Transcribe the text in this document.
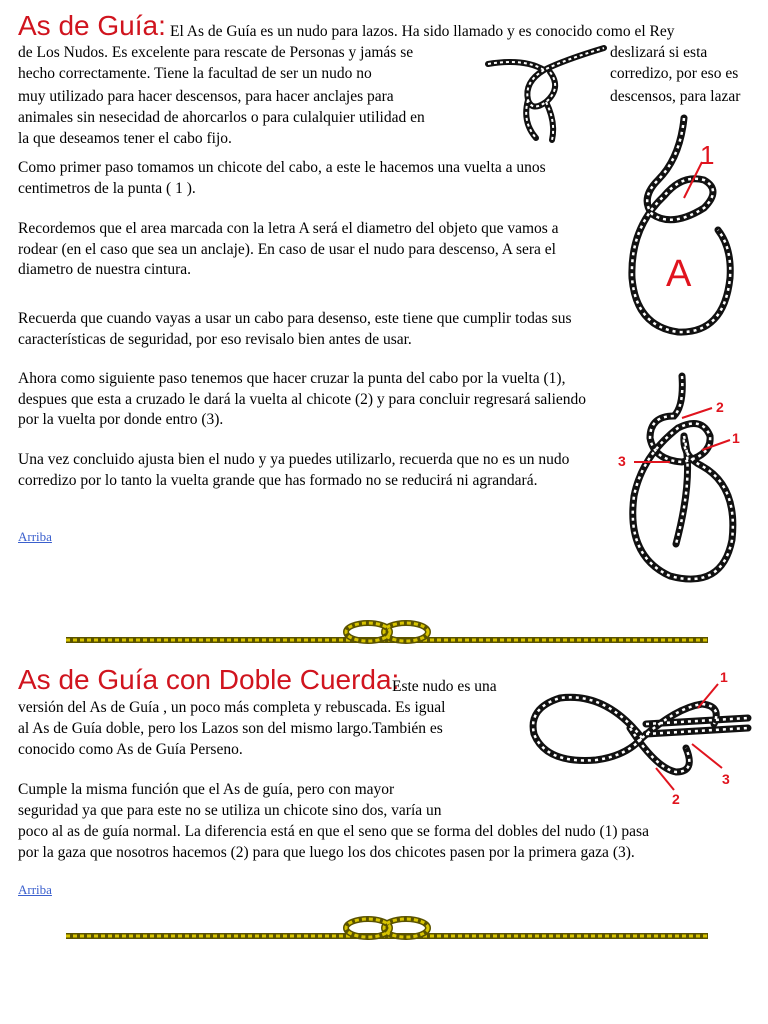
As de Guía: El As de Guía es un nudo para lazos. Ha sido llamado y es conocido como el Rey
de Los Nudos. Es excelente para rescate de Personas y jamás se
hecho correctamente. Tiene la facultad de ser un nudo no
muy utilizado para hacer descensos, para hacer anclajes para
animales sin nesecidad de ahorcarlos o para culalquier utilidad en
la que deseamos tener el cabo fijo.
deslizará si esta
corredizo, por eso es
descensos, para lazar

Como primer paso tomamos un chicote del cabo, a este le hacemos una vuelta a unos centimetros de la punta ( 1 ).

Recordemos que el area marcada con la letra A será el diametro del objeto que vamos a rodear (en el caso que sea un anclaje). En caso de usar el nudo para descenso, A sera el diametro de nuestra cintura.

Recuerda que cuando vayas a usar un cabo para desenso, este tiene que cumplir todas sus características de seguridad, por eso revisalo bien antes de usar.

Ahora como siguiente paso tenemos que hacer cruzar la punta del cabo por la vuelta (1), despues que esta a cruzado le dará la vuelta al chicote (2) y para concluir regresará saliendo por la vuelta por donde entro (3).

Una vez concluido ajusta bien el nudo y ya puedes utilizarlo, recuerda que no es un nudo corredizo por lo tanto la vuelta grande que has formado no se reducirá ni agrandará.

Arriba
1
A
2
1
3
As de Guía con Doble Cuerda:
Este nudo es una
versión del As de Guía , un poco más completa y rebuscada. Es igual
al As de Guía doble, pero los Lazos son del mismo largo.También es
conocido como As de Guía Perseno.
Cumple la misma función que el As de guía, pero con mayor
seguridad ya que para este no se utiliza un chicote sino dos, varía un
poco al as de guía normal. La diferencia está en que el seno que se forma del dobles del nudo (1) pasa
por la gaza que nosotros hacemos (2) para que luego los dos chicotes pasen por la primera gaza (3).
Arriba
1
3
2
